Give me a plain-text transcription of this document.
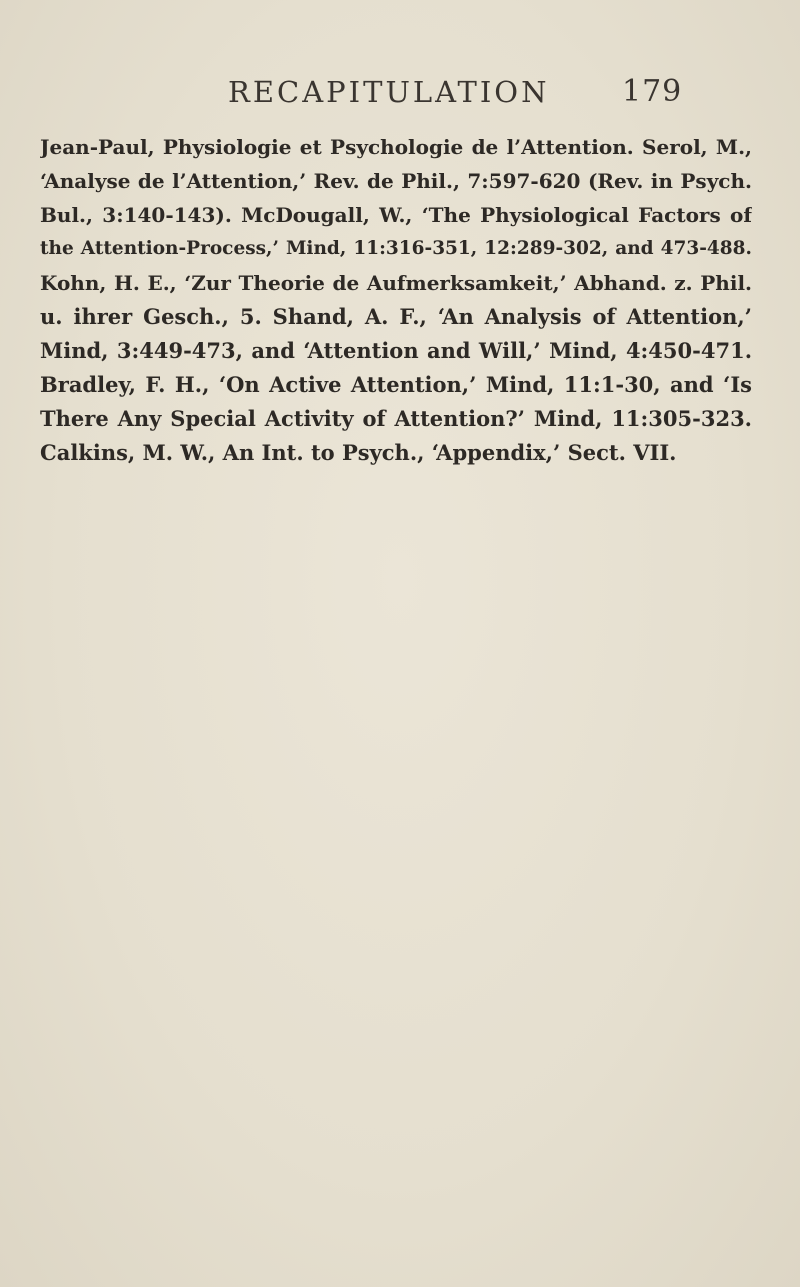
RECAPITULATION 179
Jean-Paul, Physiologie et Psychologie de l’Attention. Serol, M.,
‘Analyse de l’Attention,’ Rev. de Phil., 7:597-620 (Rev. in Psych.
Bul., 3:140-143). McDougall, W., ‘The Physiological Factors of
the Attention-Process,’ Mind, 11:316-351, 12:289-302, and 473-488.
Kohn, H. E., ‘Zur Theorie de Aufmerksamkeit,’ Abhand. z. Phil.
u. ihrer Gesch., 5. Shand, A. F., ‘An Analysis of Attention,’
Mind, 3:449-473, and ‘Attention and Will,’ Mind, 4:450-471.
Bradley, F. H., ‘On Active Attention,’ Mind, 11:1-30, and ‘Is
There Any Special Activity of Attention?’ Mind, 11:305-323.
Calkins, M. W., An Int. to Psych., ‘Appendix,’ Sect. VII.
